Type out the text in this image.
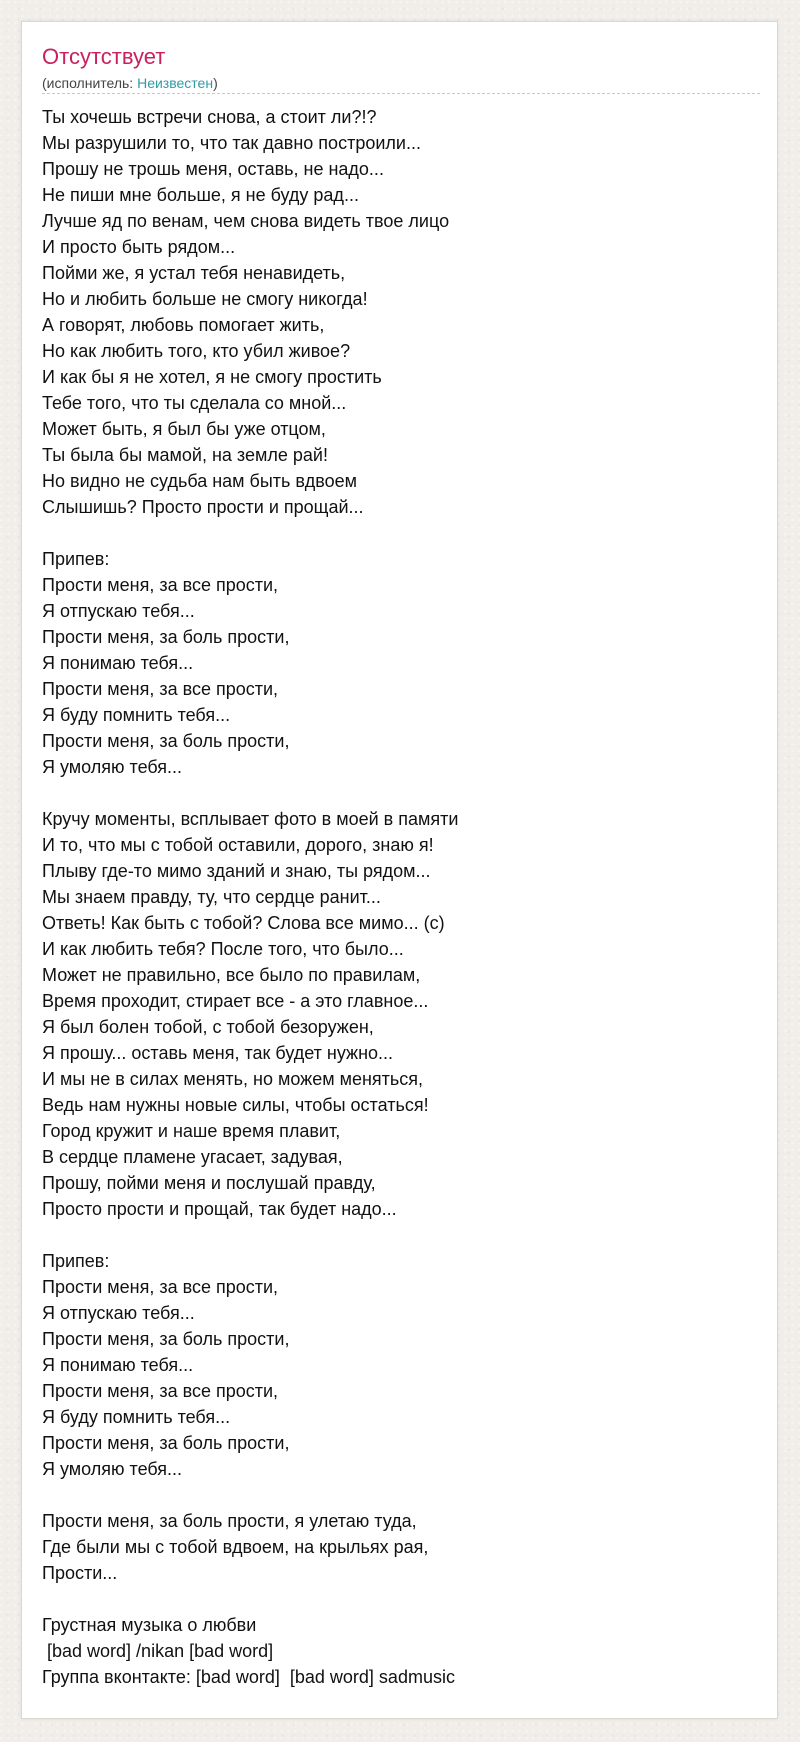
Отсутствует
(исполнитель: Неизвестен)
Ты хочешь встречи снова, а стоит ли?!?
Мы разрушили то, что так давно построили...
Прошу не трошь меня, оставь, не надо...
Не пиши мне больше, я не буду рад...
Лучше яд по венам, чем снова видеть твое лицо
И просто быть рядом...
Пойми же, я устал тебя ненавидеть,
Но и любить больше не смогу никогда!
А говорят, любовь помогает жить,
Но как любить того, кто убил живое?
И как бы я не хотел, я не смогу простить
Тебе того, что ты сделала со мной...
Может быть, я был бы уже отцом,
Ты была бы мамой, на земле рай!
Но видно не судьба нам быть вдвоем
Слышишь? Просто прости и прощай...
Припев:
Прости меня, за все прости,
Я отпускаю тебя...
Прости меня, за боль прости,
Я понимаю тебя...
Прости меня, за все прости,
Я буду помнить тебя...
Прости меня, за боль прости,
Я умоляю тебя...
Кручу моменты, всплывает фото в моей в памяти
И то, что мы с тобой оставили, дорого, знаю я!
Плыву где-то мимо зданий и знаю, ты рядом...
Мы знаем правду, ту, что сердце ранит...
Ответь! Как быть с тобой? Слова все мимо... (с)
И как любить тебя? После того, что было...
Может не правильно, все было по правилам,
Время проходит, стирает все - а это главное...
Я был болен тобой, с тобой безоружен,
Я прошу... оставь меня, так будет нужно...
И мы не в силах менять, но можем меняться,
Ведь нам нужны новые силы, чтобы остаться!
Город кружит и наше время плавит,
В сердце пламене угасает, задувая,
Прошу, пойми меня и послушай правду,
Просто прости и прощай, так будет надо...
Припев:
Прости меня, за все прости,
Я отпускаю тебя...
Прости меня, за боль прости,
Я понимаю тебя...
Прости меня, за все прости,
Я буду помнить тебя...
Прости меня, за боль прости,
Я умоляю тебя...
Прости меня, за боль прости, я улетаю туда,
Где были мы с тобой вдвоем, на крыльях рая,
Прости...
Грустная музыка о любви
[bad word] /nikan [bad word]
Группа вконтакте: [bad word]  [bad word] sadmusic
